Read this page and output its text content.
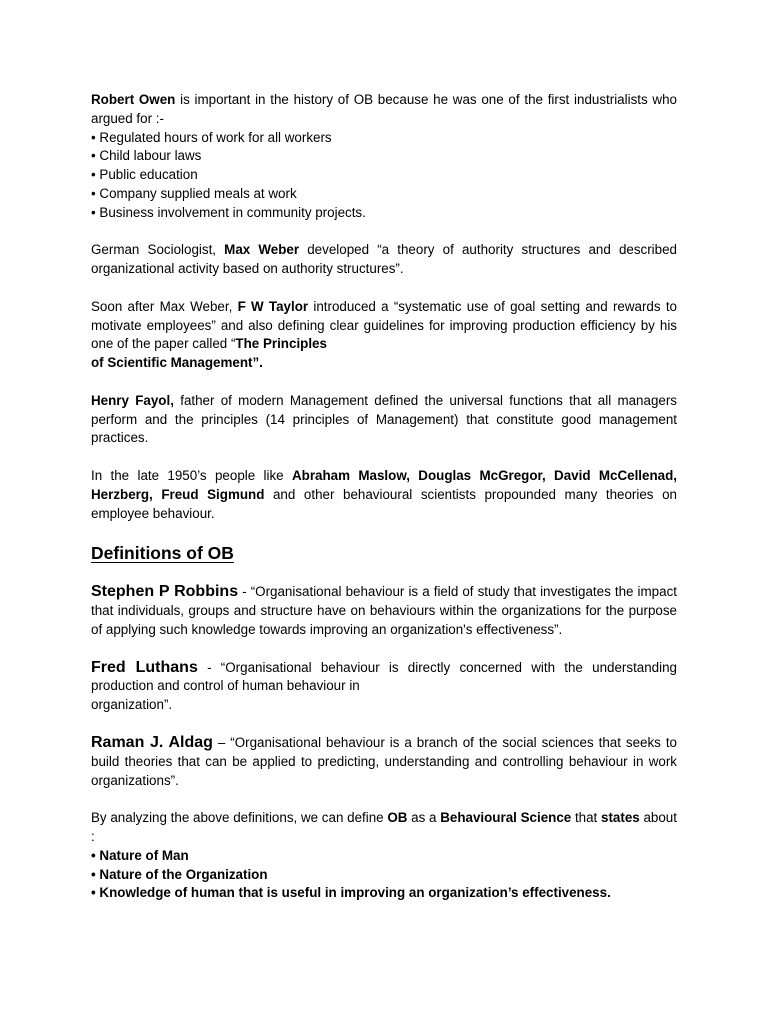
Robert Owen is important in the history of OB because he was one of the first industrialists who argued for :-
• Regulated hours of work for all workers
• Child labour laws
• Public education
• Company supplied meals at work
• Business involvement in community projects.

German Sociologist, Max Weber developed “a theory of authority structures and described organizational activity based on authority structures”.

Soon after Max Weber, F W Taylor introduced a “systematic use of goal setting and rewards to motivate employees” and also defining clear guidelines for improving production efficiency by his one of the paper called “The Principles
of Scientific Management”.

Henry Fayol, father of modern Management defined the universal functions that all managers perform and the principles (14 principles of Management) that constitute good management practices.

In the late 1950’s people like Abraham Maslow, Douglas McGregor, David McCellenad, Herzberg, Freud Sigmund and other behavioural scientists propounded many theories on employee behaviour.

Definitions of OB

Stephen P Robbins - “Organisational behaviour is a field of study that investigates the impact that individuals, groups and structure have on behaviours within the organizations for the purpose of applying such knowledge towards improving an organization's effectiveness”.

Fred Luthans - “Organisational behaviour is directly concerned with the understanding production and control of human behaviour in
organization”.

Raman J. Aldag – “Organisational behaviour is a branch of the social sciences that seeks to build theories that can be applied to predicting, understanding and controlling behaviour in work organizations”.

By analyzing the above definitions, we can define OB as a Behavioural Science that states about :
• Nature of Man
• Nature of the Organization
• Knowledge of human that is useful in improving an organization’s effectiveness.
